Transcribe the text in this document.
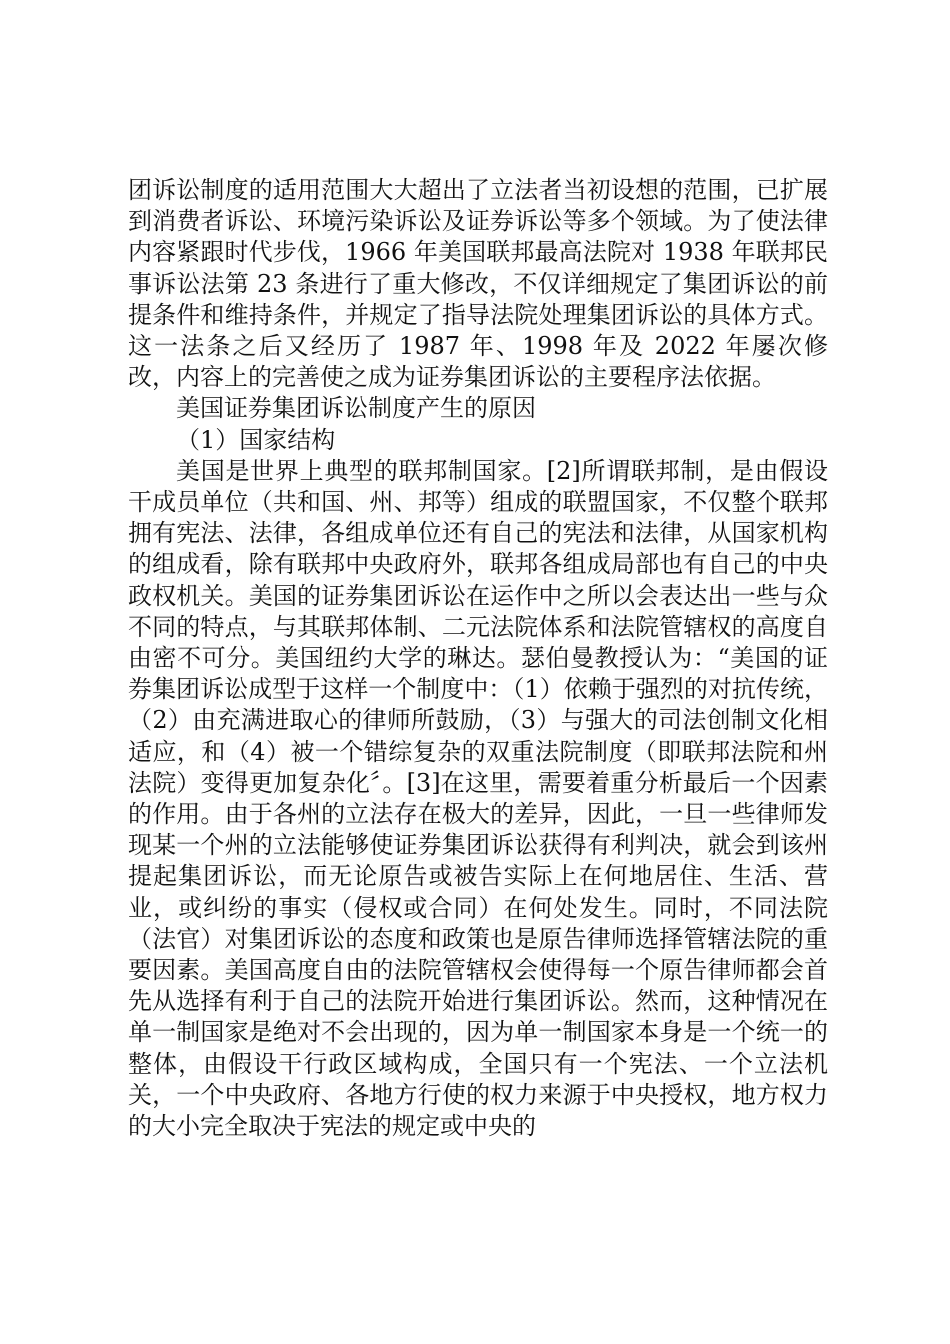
团诉讼制度的适用范围大大超出了立法者当初设想的范围，已扩展到消费者诉讼、环境污染诉讼及证券诉讼等多个领域。为了使法律内容紧跟时代步伐，1966 年美国联邦最高法院对 1938 年联邦民事诉讼法第 23 条进行了重大修改，不仅详细规定了集团诉讼的前提条件和维持条件，并规定了指导法院处理集团诉讼的具体方式。这一法条之后又经历了 1987 年、1998 年及 2022 年屡次修改，内容上的完善使之成为证券集团诉讼的主要程序法依据。

美国证券集团诉讼制度产生的原因

（1）国家结构

美国是世界上典型的联邦制国家。[2]所谓联邦制，是由假设干成员单位（共和国、州、邦等）组成的联盟国家，不仅整个联邦拥有宪法、法律，各组成单位还有自己的宪法和法律，从国家机构的组成看，除有联邦中央政府外，联邦各组成局部也有自己的中央政权机关。美国的证券集团诉讼在运作中之所以会表达出一些与众不同的特点，与其联邦体制、二元法院体系和法院管辖权的高度自由密不可分。美国纽约大学的琳达。瑟伯曼教授认为：“美国的证券集团诉讼成型于这样一个制度中：（1）依赖于强烈的对抗传统，（2）由充满进取心的律师所鼓励，（3）与强大的司法创制文化相适应，和（4）被一个错综复杂的双重法院制度（即联邦法院和州法院）变得更加复杂化〞。[3]在这里，需要着重分析最后一个因素的作用。由于各州的立法存在极大的差异，因此，一旦一些律师发现某一个州的立法能够使证券集团诉讼获得有利判决，就会到该州提起集团诉讼，而无论原告或被告实际上在何地居住、生活、营业，或纠纷的事实（侵权或合同）在何处发生。同时，不同法院（法官）对集团诉讼的态度和政策也是原告律师选择管辖法院的重要因素。美国高度自由的法院管辖权会使得每一个原告律师都会首先从选择有利于自己的法院开始进行集团诉讼。然而，这种情况在单一制国家是绝对不会出现的，因为单一制国家本身是一个统一的整体，由假设干行政区域构成，全国只有一个宪法、一个立法机关，一个中央政府、各地方行使的权力来源于中央授权，地方权力的大小完全取决于宪法的规定或中央的
